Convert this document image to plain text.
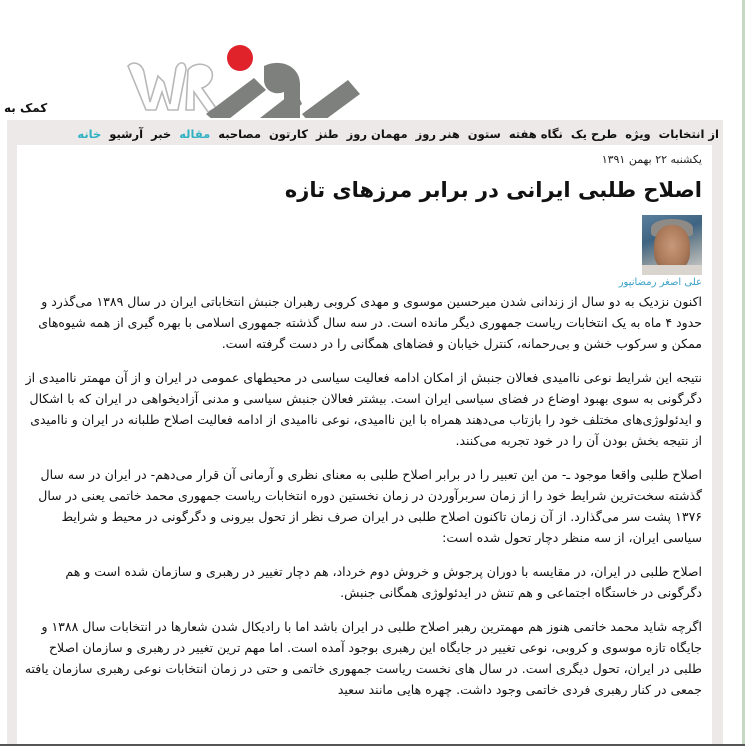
کمک به
خانه آرشیو خبر مقاله مصاحبه کارتون طنز مهمان روز هنر روز ستون نگاه هفته طرح یک ویژه از انتخابات
یکشنبه ۲۲ بهمن ۱۳۹۱
اصلاح طلبی ایرانی در برابر مرزهای تازه
علی اصغر رمضانپور

اکنون نزدیک به دو سال از زندانی شدن میرحسین موسوی و مهدی کروبی رهبران جنبش انتخاباتی ایران در سال ۱۳۸۹ می‌گذرد و حدود ۴ ماه به یک انتخابات ریاست جمهوری دیگر مانده است. در سه سال گذشته جمهوری اسلامی با بهره گیری از همه شیوه‌های ممکن و سرکوب خشن و بی‌رحمانه، کنترل خیابان و فضاهای همگانی را در دست گرفته است.

نتیجه این شرایط نوعی نا‌امیدی فعالان جنبش از امکان ادامه فعالیت سیاسی در محیطهای عمومی در ایران و از آن مهمتر نا‌امیدی از دگرگونی به سوی بهبود اوضاع در فضای سیاسی ایران است. بیشتر فعالان جنبش سیاسی و مدنی آزادیخواهی در ایران که با اشکال و ایدئولوژی‌های مختلف خود را بازتاب می‌دهند همراه با این نا‌امیدی، نوعی نا‌امیدی از ادامه فعالیت اصلاح طلبانه در ایران و نا‌امیدی از نتیجه بخش بودن آن را در خود تجربه می‌کنند.

اصلاح طلبی واقعا موجود ـ- من این تعبیر را در برابر اصلاح طلبی به معنای نظری و آرمانی آن قرار می‌دهم- در ایران در سه سال گذشته سخت‌ترین شرایط خود را از زمان سربرآوردن در زمان نخستین دوره انتخابات ریاست جمهوری محمد خاتمی یعنی در سال ۱۳۷۶ پشت سر می‌گذارد. از آن زمان تاکنون اصلاح طلبی در ایران صرف نظر از تحول بیرونی و دگرگونی در محیط و شرایط سیاسی ایران، از سه منظر دچار تحول شده است:

اصلاح طلبی در ایران، در مقایسه با دوران پرجوش و خروش دوم خرداد، هم دچار تغییر در رهبری و سازمان شده است و هم دگرگونی در خاستگاه اجتماعی و هم تنش در ایدئولوژی همگانی جنبش.

اگرچه شاید محمد خاتمی هنوز هم مهمترین رهبر اصلاح طلبی در ایران باشد اما با رادیکال شدن شعارها در انتخابات سال ۱۳۸۸ و جایگاه تازه موسوی و کروبی، نوعی تغییر در جایگاه این رهبری بوجود آمده است. اما مهم ترین تغییر در رهبری و سازمان اصلاح طلبی در ایران، تحول دیگری است. در سال های نخست ریاست جمهوری خاتمی و حتی در زمان انتخابات نوعی رهبری سازمان یافته جمعی در کنار رهبری فردی خاتمی وجود داشت. چهره هایی مانند سعید
